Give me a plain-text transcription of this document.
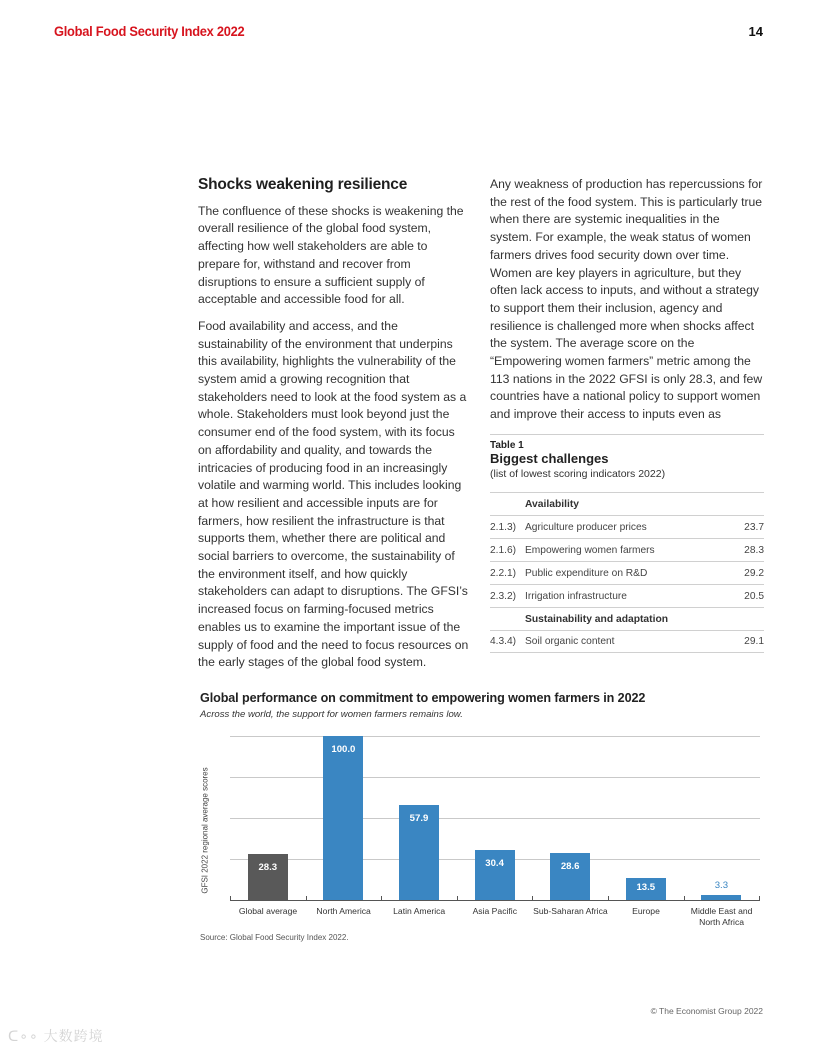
Global Food Security Index 2022	14
Shocks weakening resilience

The confluence of these shocks is weakening the overall resilience of the global food system, affecting how well stakeholders are able to prepare for, withstand and recover from disruptions to ensure a sufficient supply of acceptable and accessible food for all.

Food availability and access, and the sustainability of the environment that underpins this availability, highlights the vulnerability of the system amid a growing recognition that stakeholders need to look at the food system as a whole. Stakeholders must look beyond just the consumer end of the food system, with its focus on affordability and quality, and towards the intricacies of producing food in an increasingly volatile and warming world. This includes looking at how resilient and accessible inputs are for farmers, how resilient the infrastructure is that supports them, whether there are political and social barriers to overcome, the sustainability of the environment itself, and how quickly stakeholders can adapt to disruptions. The GFSI’s increased focus on farming-focused metrics enables us to examine the important issue of the supply of food and the need to focus resources on the early stages of the global food system.

Any weakness of production has repercussions for the rest of the food system. This is particularly true when there are systemic inequalities in the system. For example, the weak status of women farmers drives food security down over time. Women are key players in agriculture, but they often lack access to inputs, and without a strategy to support them their inclusion, agency and resilience is challenged more when shocks affect the system. The average score on the “Empowering women farmers” metric among the 113 nations in the 2022 GFSI is only 28.3, and few countries have a national policy to support women and improve their access to inputs even as

Table 1
Biggest challenges
(list of lowest scoring indicators 2022)
Availability
2.1.3) Agriculture producer prices	23.7
2.1.6) Empowering women farmers	28.3
2.2.1) Public expenditure on R&D	29.2
2.3.2) Irrigation infrastructure	20.5
Sustainability and adaptation
4.3.4) Soil organic content	29.1
Global performance on commitment to empowering women farmers in 2022
Across the world, the support for women farmers remains low.
GFSI 2022 regional average scores	28.3
Global average
100.0
North America
57.9
Latin America
30.4
Asia Pacific
28.6
Sub-Saharan Africa
13.5
Europe
3.3
Middle East and North Africa
Source: Global Food Security Index 2022.
© The Economist Group 2022
ᑕ∘∘ 大数跨境
